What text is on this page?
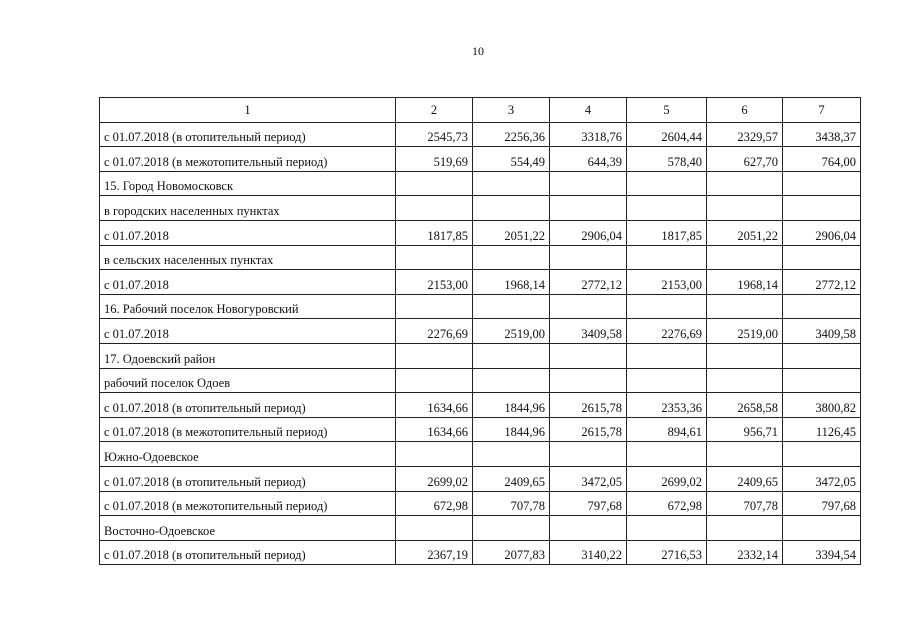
10
1	2	3	4	5	6	7
с 01.07.2018 (в отопительный период)	2545,73	2256,36	3318,76	2604,44	2329,57	3438,37
с 01.07.2018 (в межотопительный период)	519,69	554,49	644,39	578,40	627,70	764,00
15. Город Новомосковск						
в городских населенных пунктах						
с 01.07.2018	1817,85	2051,22	2906,04	1817,85	2051,22	2906,04
в сельских населенных пунктах						
с 01.07.2018	2153,00	1968,14	2772,12	2153,00	1968,14	2772,12
16. Рабочий поселок Новогуровский						
с 01.07.2018	2276,69	2519,00	3409,58	2276,69	2519,00	3409,58
17. Одоевский район						
рабочий поселок Одоев						
с 01.07.2018 (в отопительный период)	1634,66	1844,96	2615,78	2353,36	2658,58	3800,82
с 01.07.2018 (в межотопительный период)	1634,66	1844,96	2615,78	894,61	956,71	1126,45
Южно-Одоевское						
с 01.07.2018 (в отопительный период)	2699,02	2409,65	3472,05	2699,02	2409,65	3472,05
с 01.07.2018 (в межотопительный период)	672,98	707,78	797,68	672,98	707,78	797,68
Восточно-Одоевское						
с 01.07.2018 (в отопительный период)	2367,19	2077,83	3140,22	2716,53	2332,14	3394,54
